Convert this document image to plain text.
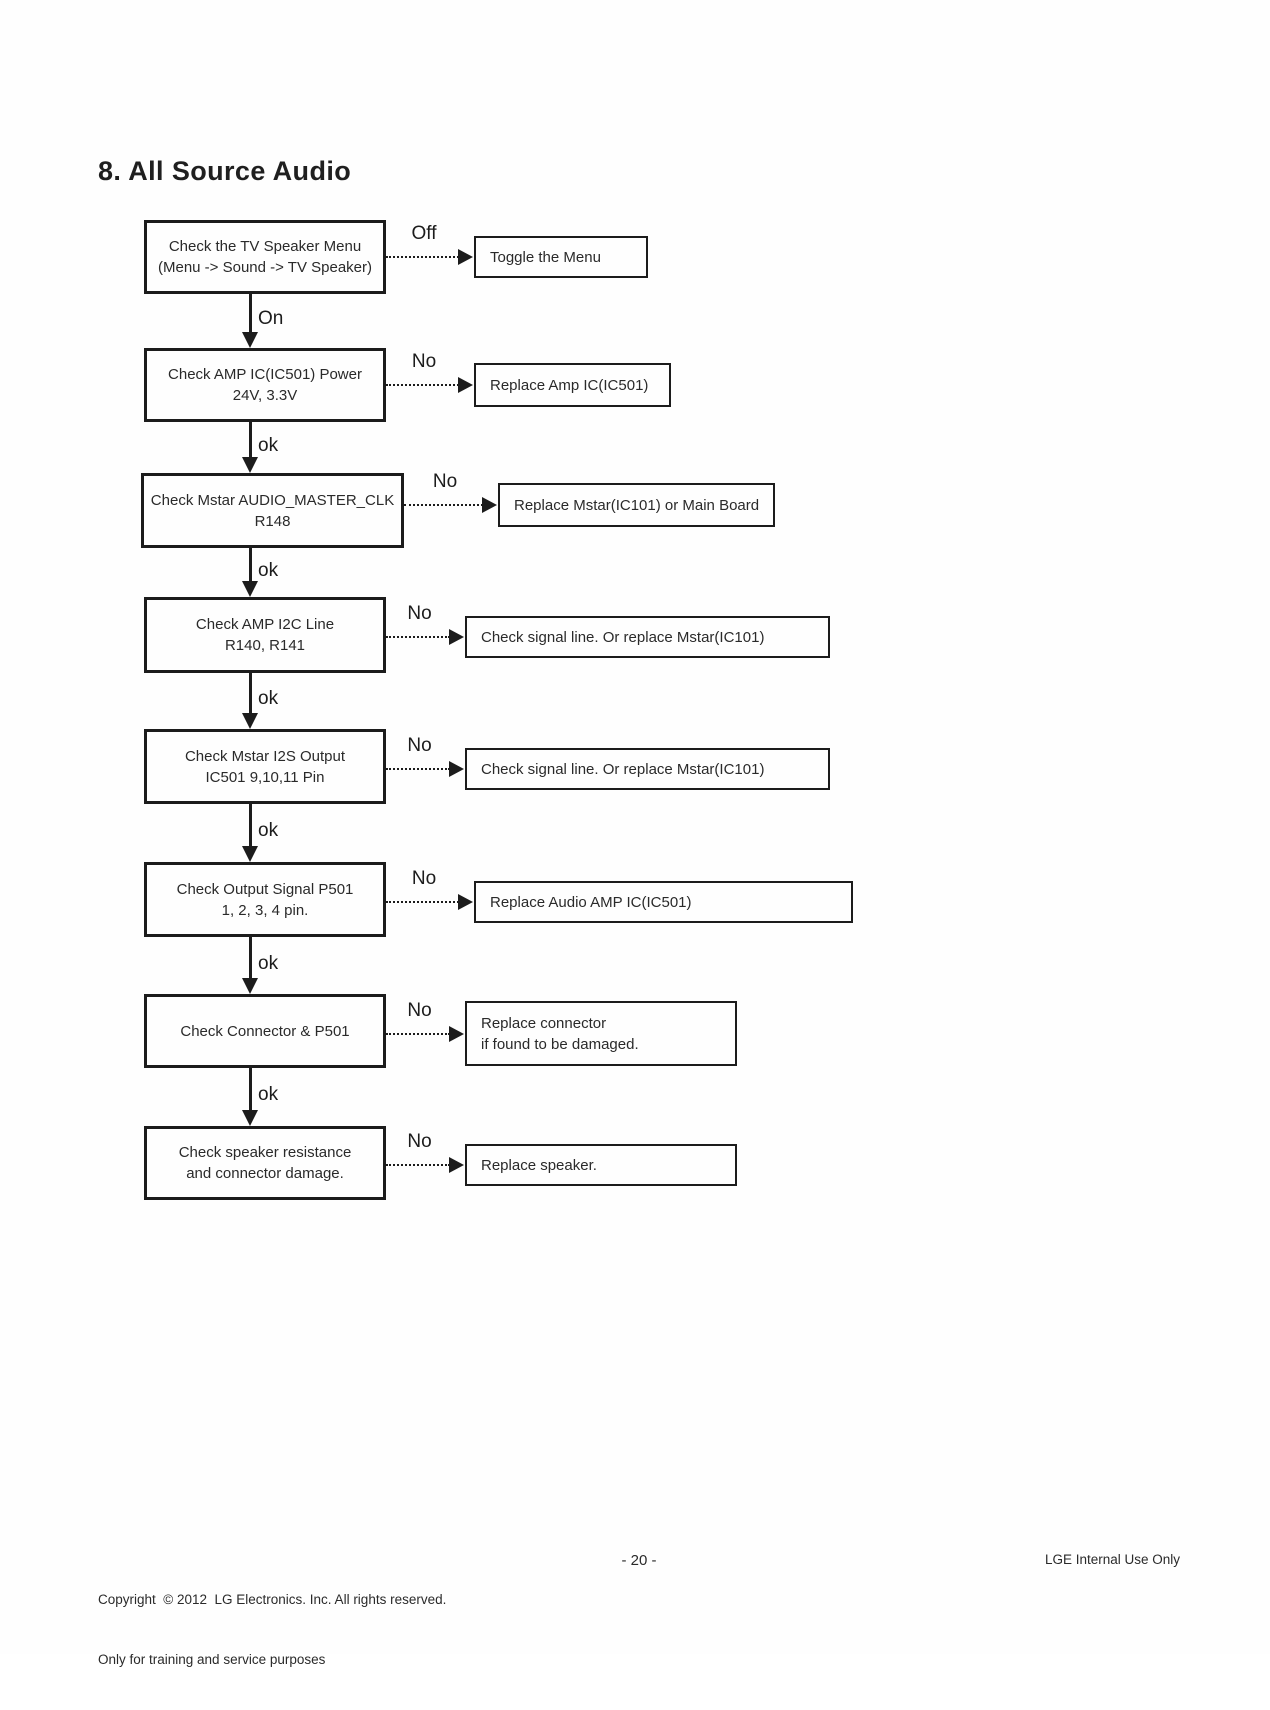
8. All Source Audio
Check the TV Speaker Menu
(Menu -> Sound -> TV Speaker)
Toggle the Menu
Off
On
Check AMP IC(IC501) Power
24V, 3.3V
Replace Amp IC(IC501)
No
ok
Check Mstar AUDIO_MASTER_CLK
R148
Replace Mstar(IC101) or Main Board
No
ok
Check AMP I2C Line
R140, R141	Check signal line. Or replace Mstar(IC101)
No
ok
Check Mstar I2S Output
IC501 9,10,11 Pin	Check signal line. Or replace Mstar(IC101)
No
ok
Check Output Signal P501
1, 2, 3, 4 pin.	Replace Audio AMP IC(IC501)
No
ok
Check Connector & P501	Replace connector
if found to be damaged.
No
ok
Check speaker resistance
and connector damage.	Replace speaker.
No

Copyright  © 2012  LG Electronics. Inc. All rights reserved.

Only for training and service purposes

- 20 -	LGE Internal Use Only
